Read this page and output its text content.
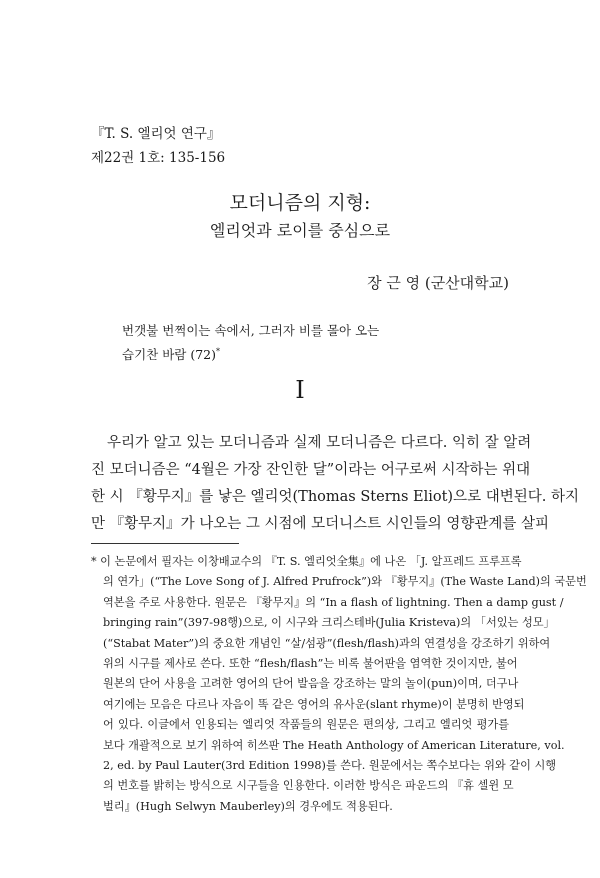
『T. S. 엘리엇 연구』
제22권 1호: 135-156
모더니즘의 지형:
엘리엇과 로이를 중심으로
장 근 영 (군산대학교)
번갯불 번쩍이는 속에서, 그러자 비를 몰아 오는
습기찬 바람 (72)*
I
우리가 알고 있는 모더니즘과 실제 모더니즘은 다르다. 익히 잘 알려
진 모더니즘은 “4월은 가장 잔인한 달”이라는 어구로써 시작하는 위대
한 시 『황무지』를 낳은 엘리엇(Thomas Sterns Eliot)으로 대변된다. 하지
만 『황무지』가 나오는 그 시점에 모더니스트 시인들의 영향관계를 살피
* 이 논문에서 필자는 이창배교수의 『T. S. 엘리엇全集』에 나온 「J. 알프레드 프루프록
의 연가」(“The Love Song of J. Alfred Prufrock”)와 『황무지』(The Waste Land)의 국문번
역본을 주로 사용한다. 원문은 『황무지』의 “In a flash of lightning. Then a damp gust /
bringing rain”(397-98행)으로, 이 시구와 크리스테바(Julia Kristeva)의 「서있는 성모」
(“Stabat Mater”)의 중요한 개념인 “살/섬광”(flesh/flash)과의 연결성을 강조하기 위하여
위의 시구를 제사로 쓴다. 또한 “flesh/flash”는 비록 불어판을 염역한 것이지만, 불어
원본의 단어 사용을 고려한 영어의 단어 발음을 강조하는 말의 놀이(pun)이며, 더구나
여기에는 모음은 다르나 자음이 똑 같은 영어의 유사운(slant rhyme)이 분명히 반영되
어 있다. 이글에서 인용되는 엘리엇 작품들의 원문은 편의상, 그리고 엘리엇 평가를
보다 개괄적으로 보기 위하여 히쓰판 The Heath Anthology of American Literature, vol.
2, ed. by Paul Lauter(3rd Edition 1998)를 쓴다. 원문에서는 쪽수보다는 위와 같이 시행
의 번호를 밝히는 방식으로 시구들을 인용한다. 이러한 방식은 파운드의 『휴 셀윈 모
벌리』(Hugh Selwyn Mauberley)의 경우에도 적용된다.
